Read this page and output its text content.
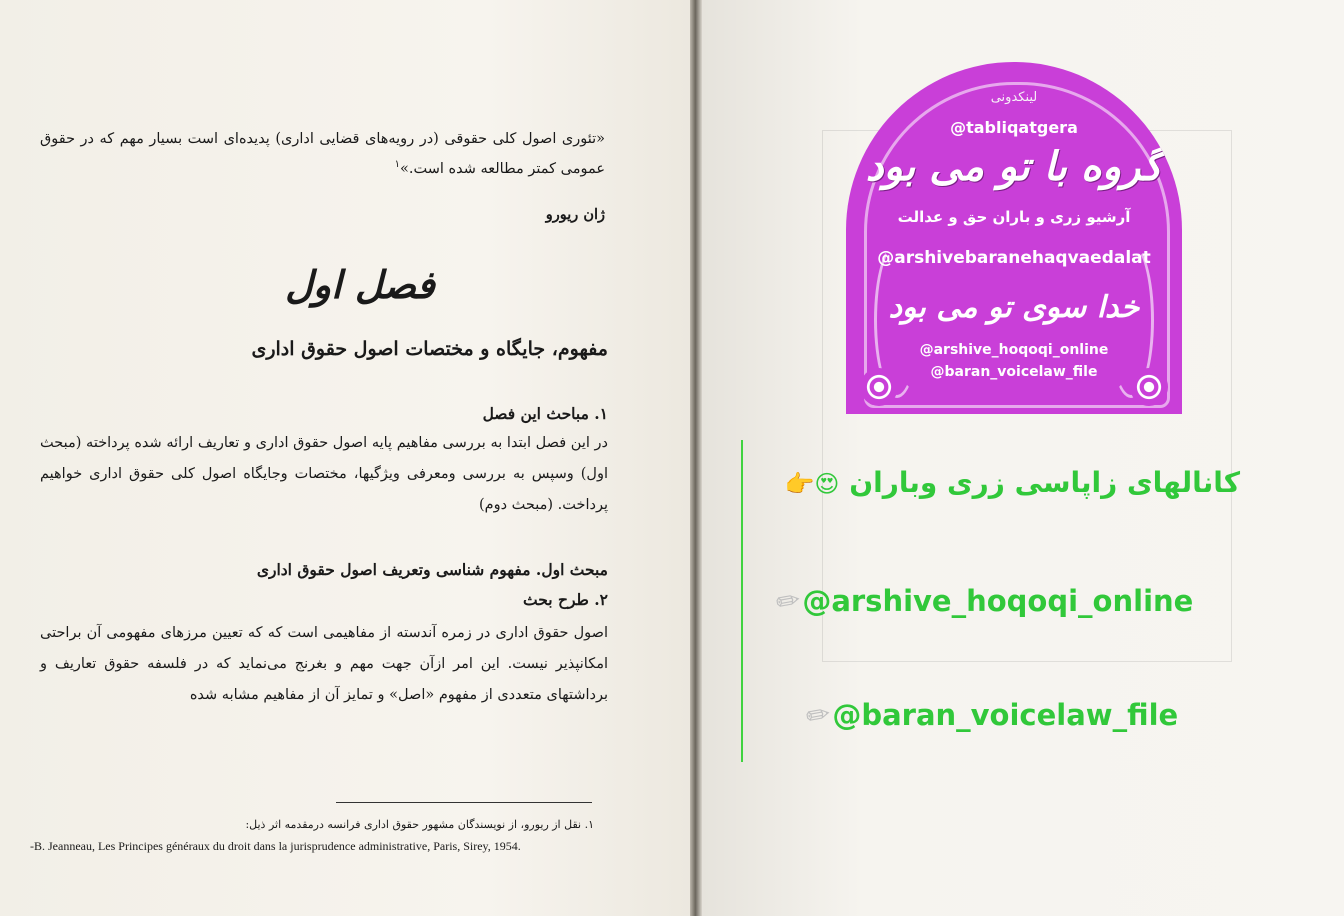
«تئوری اصول کلی حقوقی (در رویه‌های قضایی اداری) پدیده‌ای است بسیار مهم که در حقوق عمومی کمتر مطالعه شده است.»$^۱$
ژان ریورو
فصل اول
مفهوم، جایگاه و مختصات اصول حقوق اداری
۱. مباحث این فصل
در این فصل ابتدا به بررسی مفاهیم پایه اصول حقوق اداری و تعاریف ارائه شده پرداخته (مبحث اول) وسپس به بررسی ومعرفی ویژگیها، مختصات وجایگاه اصول کلی حقوق اداری خواهیم پرداخت. (مبحث دوم)
مبحث اول. مفهوم شناسی وتعریف اصول حقوق اداری
۲. طرح بحث
اصول حقوق اداری در زمره آندسته از مفاهیمی است که که تعیین مرزهای مفهومی آن براحتی امکانپذیر نیست. این امر ازآن جهت مهم و بغرنج می‌نماید که در فلسفه حقوق تعاریف و برداشتهای متعددی از مفهوم «اصل» و تمایز آن از مفاهیم مشابه شده
۱. نقل از ریورو، از نویسندگان مشهور حقوق اداری فرانسه درمقدمه اثر ذیل:
-B. Jeanneau, Les Principes généraux du droit dans la jurisprudence administrative, Paris, Sirey, 1954.
لینکدونی
@tabliqatgera
گروه با تو می بود
آرشیو زری و باران حق و عدالت
@arshivebaranehaqvaedalat
خدا سوی تو می بود
@arshive_hoqoqi_online
@baran_voicelaw_file
کانالهای زاپاسی زری وباران 😍👉
✏@arshive_hoqoqi_online
✏@baran_voicelaw_file
